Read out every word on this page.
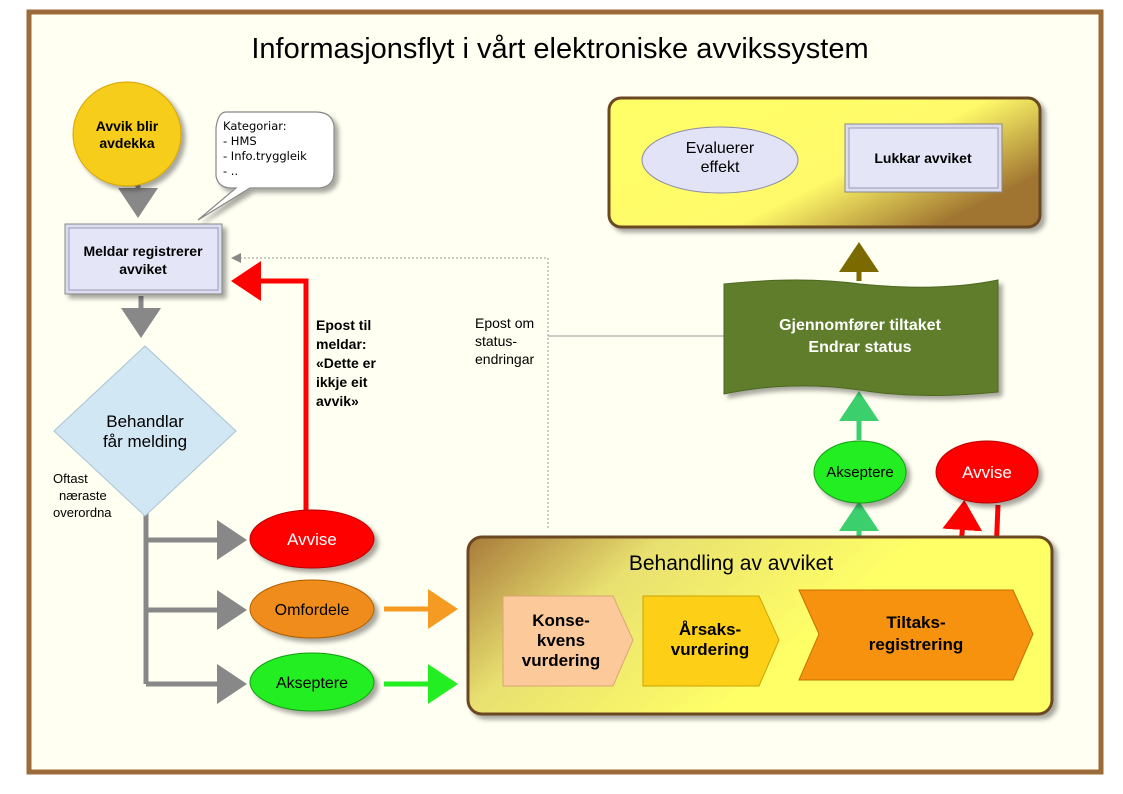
Informasjonsflyt i vårt elektroniske avvikssystem
Avvik blir
avdekka
Kategoriar:
- HMS
- Info.tryggleik
- ..
Meldar registrerer
avviket
Behandlar
får melding
Oftast
næraste
overordna
Avvise
Omfordele
Akseptere
Epost til
meldar:
«Dette er
ikkje eit
avvik»
Epost om
status-
endringar
Behandling av avviket
Konse-
kvens
vurdering
Årsaks-
vurdering
Tiltaks-
registrering
Akseptere	Avvise
Gjennomfører tiltaket
Endrar status
Evaluerer
effekt
Lukkar avviket
